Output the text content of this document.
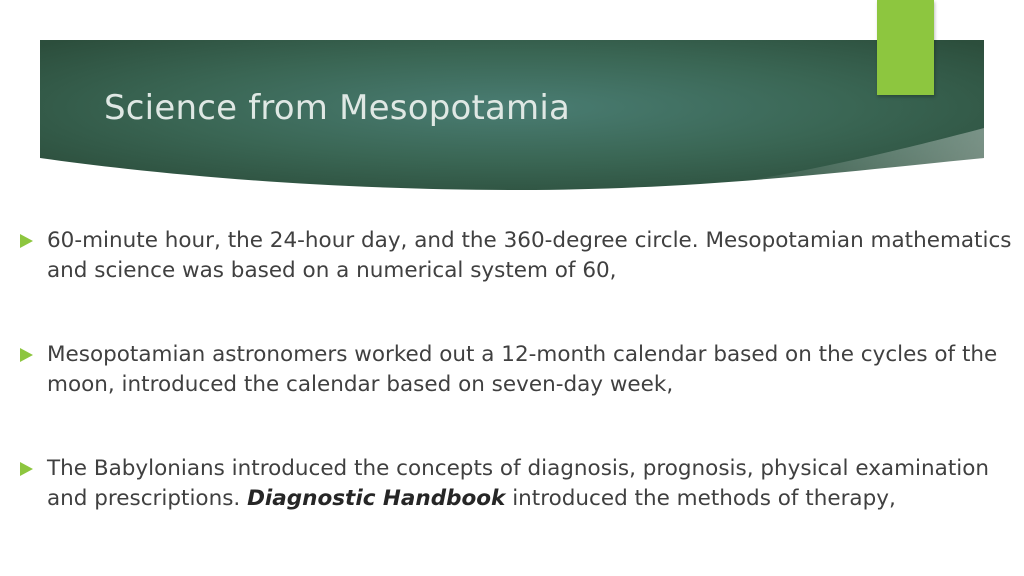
Science from Mesopotamia
60-minute hour, the 24-hour day, and the 360-degree circle. Mesopotamian mathematics and science was based on a numerical system of 60,
Mesopotamian astronomers worked out a 12-month calendar based on the cycles of the moon, introduced the calendar based on seven-day week,
The Babylonians introduced the concepts of diagnosis, prognosis, physical examination and prescriptions. Diagnostic Handbook introduced the methods of therapy,
